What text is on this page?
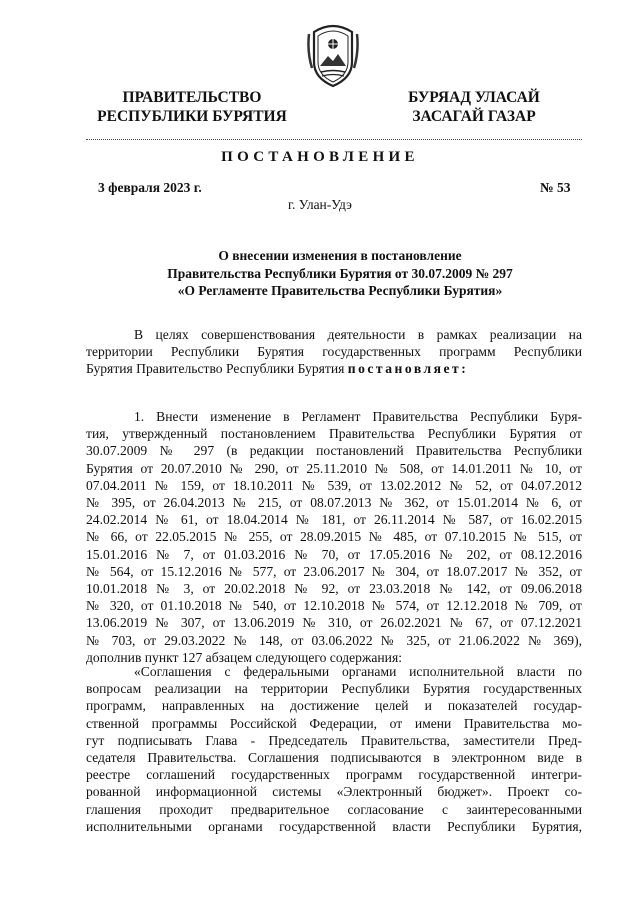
ПРАВИТЕЛЬСТВО
РЕСПУБЛИКИ БУРЯТИЯ
БУРЯАД УЛАСАЙ
ЗАСАГАЙ ГАЗАР
ПОСТАНОВЛЕНИЕ
3 февраля 2023 г.	№ 53
г. Улан-Удэ
О внесении изменения в постановление
Правительства Республики Бурятия от 30.07.2009 № 297
«О Регламенте Правительства Республики Бурятия»
В целях совершенствования деятельности в рамках реализации на
территории Республики Бурятия государственных программ Республики
Бурятия Правительство Республики Бурятия постановляет:
1. Внести изменение в Регламент Правительства Республики Буря-
тия, утвержденный постановлением Правительства Республики Бурятия от
30.07.2009 № 297 (в редакции постановлений Правительства Республики
Бурятия от 20.07.2010 № 290, от 25.11.2010 № 508, от 14.01.2011 № 10, от
07.04.2011 № 159, от 18.10.2011 № 539, от 13.02.2012 № 52, от 04.07.2012
№ 395, от 26.04.2013 № 215, от 08.07.2013 № 362, от 15.01.2014 № 6, от
24.02.2014 № 61, от 18.04.2014 № 181, от 26.11.2014 № 587, от 16.02.2015
№ 66, от 22.05.2015 № 255, от 28.09.2015 № 485, от 07.10.2015 № 515, от
15.01.2016 № 7, от 01.03.2016 № 70, от 17.05.2016 № 202, от 08.12.2016
№ 564, от 15.12.2016 № 577, от 23.06.2017 № 304, от 18.07.2017 № 352, от
10.01.2018 № 3, от 20.02.2018 № 92, от 23.03.2018 № 142, от 09.06.2018
№ 320, от 01.10.2018 № 540, от 12.10.2018 № 574, от 12.12.2018 № 709, от
13.06.2019 № 307, от 13.06.2019 № 310, от 26.02.2021 № 67, от 07.12.2021
№ 703, от 29.03.2022 № 148, от 03.06.2022 № 325, от 21.06.2022 № 369),
дополнив пункт 127 абзацем следующего содержания:
«Соглашения с федеральными органами исполнительной власти по
вопросам реализации на территории Республики Бурятия государственных
программ, направленных на достижение целей и показателей государ-
ственной программы Российской Федерации, от имени Правительства мо-
гут подписывать Глава - Председатель Правительства, заместители Пред-
седателя Правительства. Соглашения подписываются в электронном виде в
реестре соглашений государственных программ государственной интегри-
рованной информационной системы «Электронный бюджет». Проект со-
глашения проходит предварительное согласование с заинтересованными
исполнительными органами государственной власти Республики Бурятия,
